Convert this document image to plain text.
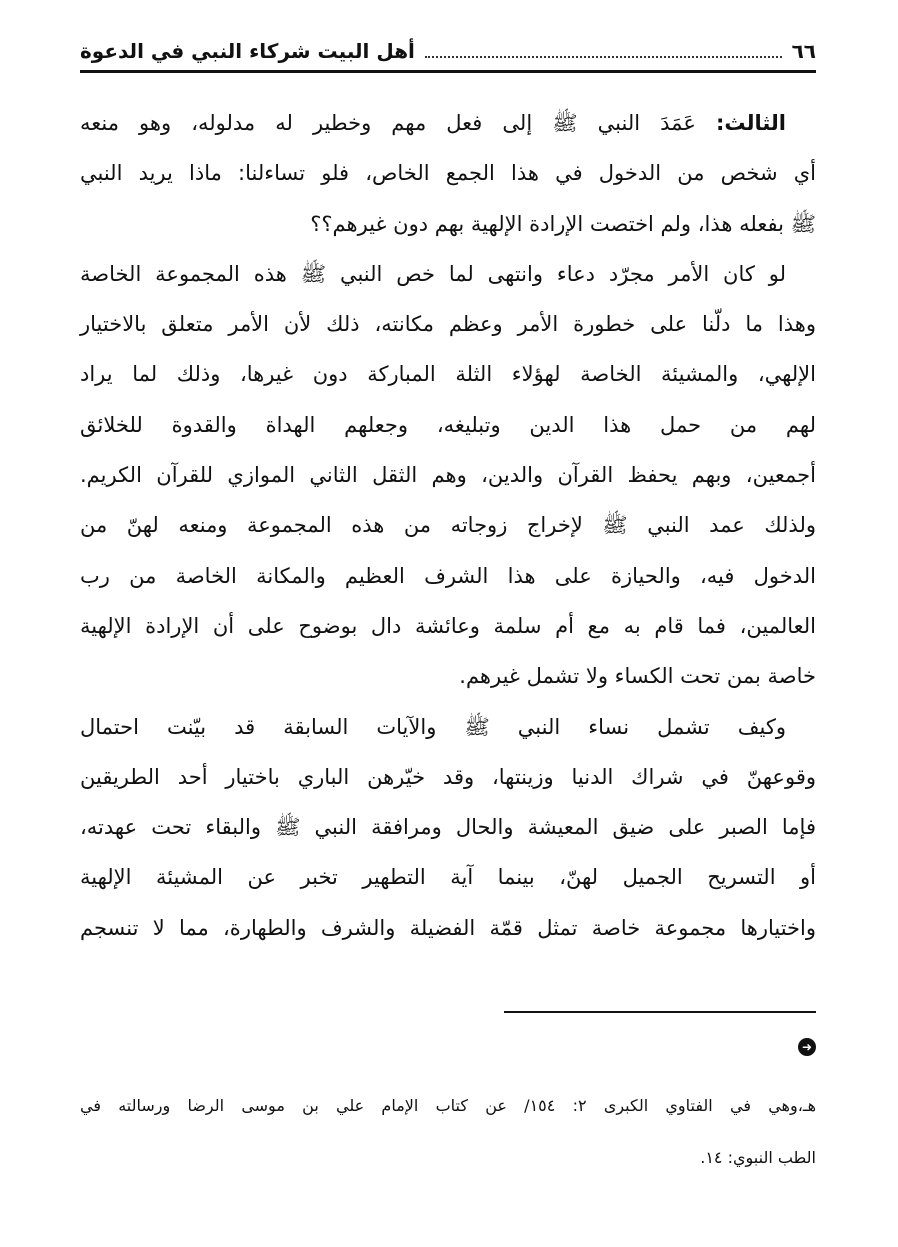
٦٦
أهل البيت شركاء النبي في الدعوة
الثالث: عَمَدَ النبي ﷺ إلى فعل مهم وخطير له مدلوله، وهو منعه
أي شخص من الدخول في هذا الجمع الخاص، فلو تساءلنا: ماذا يريد النبي
ﷺ بفعله هذا، ولم اختصت الإرادة الإلهية بهم دون غيرهم؟؟
لو كان الأمر مجرّد دعاء وانتهى لما خص النبي ﷺ هذه المجموعة الخاصة
وهذا ما دلّنا على خطورة الأمر وعظم مكانته، ذلك لأن الأمر متعلق بالاختيار
الإلهي، والمشيئة الخاصة لهؤلاء الثلة المباركة دون غيرها، وذلك لما يراد
لهم من حمل هذا الدين وتبليغه، وجعلهم الهداة والقدوة للخلائق
أجمعين، وبهم يحفظ القرآن والدين، وهم الثقل الثاني الموازي للقرآن الكريم.
ولذلك عمد النبي ﷺ لإخراج زوجاته من هذه المجموعة ومنعه لهنّ من
الدخول فيه، والحيازة على هذا الشرف العظيم والمكانة الخاصة من رب
العالمين، فما قام به مع أم سلمة وعائشة دال بوضوح على أن الإرادة الإلهية
خاصة بمن تحت الكساء ولا تشمل غيرهم.
وكيف تشمل نساء النبي ﷺ والآيات السابقة قد بيّنت احتمال
وقوعهنّ في شراك الدنيا وزينتها، وقد خيّرهن الباري باختيار أحد الطريقين
فإما الصبر على ضيق المعيشة والحال ومرافقة النبي ﷺ والبقاء تحت عهدته،
أو التسريح الجميل لهنّ، بينما آية التطهير تخبر عن المشيئة الإلهية
واختيارها مجموعة خاصة تمثل قمّة الفضيلة والشرف والطهارة، مما لا تنسجم
➜
هـ،وهي في الفتاوي الكبرى ٢: ١٥٤/ عن كتاب الإمام علي بن موسى الرضا ورسالته في
الطب النبوي: ١٤.
